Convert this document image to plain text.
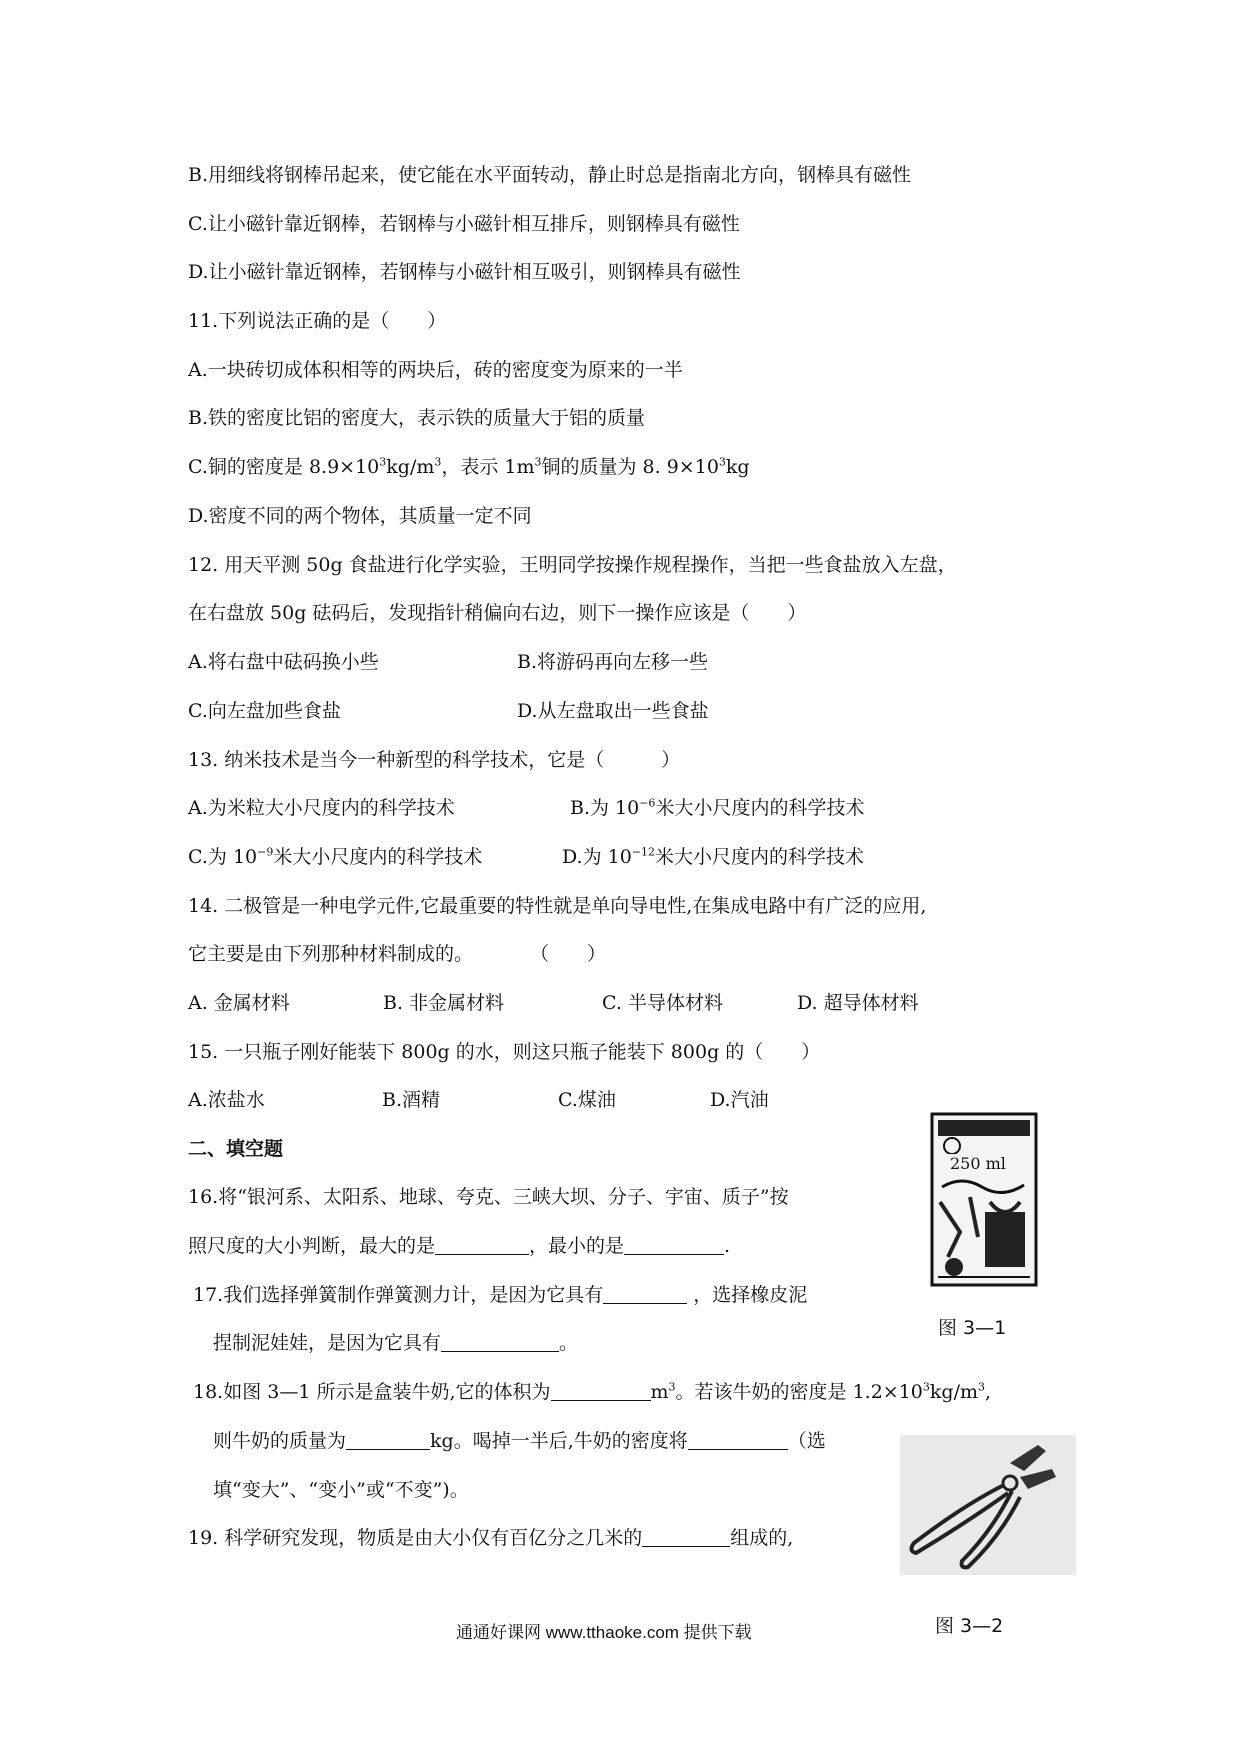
B.用细线将钢棒吊起来，使它能在水平面转动，静止时总是指南北方向，钢棒具有磁性
C.让小磁针靠近钢棒，若钢棒与小磁针相互排斥，则钢棒具有磁性
D.让小磁针靠近钢棒，若钢棒与小磁针相互吸引，则钢棒具有磁性
11.下列说法正确的是（　　）
A.一块砖切成体积相等的两块后，砖的密度变为原来的一半
B.铁的密度比铝的密度大，表示铁的质量大于铝的质量
C.铜的密度是 $8.9\times 10^3kg/m^3$，表示 $1m^3$铜的质量为 8. $9\times 10^3kg$
D.密度不同的两个物体，其质量一定不同
12. 用天平测 50g 食盐进行化学实验，王明同学按操作规程操作，当把一些食盐放入左盘，
在右盘放 50g 砝码后，发现指针稍偏向右边，则下一操作应该是（　　）
A.将右盘中砝码换小些	B.将游码再向左移一些
C.向左盘加些食盐	D.从左盘取出一些食盐
13. 纳米技术是当今一种新型的科学技术，它是（　　　）
A.为米粒大小尺度内的科学技术	B.为 $10^{-6}$米大小尺度内的科学技术
C.为 $10^{-9}$米大小尺度内的科学技术	D.为 $10^{-12}$米大小尺度内的科学技术
14. 二极管是一种电学元件,它最重要的特性就是单向导电性,在集成电路中有广泛的应用,
它主要是由下列那种材料制成的。　　　　（　　）
A. 金属材料	B. 非金属材料	C. 半导体材料	D. 超导体材料
15. 一只瓶子刚好能装下 800g 的水，则这只瓶子能装下 800g 的（　　）
A.浓盐水	B.酒精	C.煤油	D.汽油
二、填空题
16.将“银河系、太阳系、地球、夸克、三峡大坝、分子、宇宙、质子”按
照尺度的大小判断，最大的是	，最小的是	.
17.我们选择弹簧制作弹簧测力计，是因为它具有	，选择橡皮泥
捏制泥娃娃，是因为它具有	。
18.如图 3—1 所示是盒装牛奶,它的体积为	$m^3$。若该牛奶的密度是 $1.2\times 10^3kg/m^3$,
则牛奶的质量为	kg。喝掉一半后,牛奶的密度将	（选
填“变大”、“变小”或“不变”)。
19. 科学研究发现，物质是由大小仅有百亿分之几米的	组成的,
250 ml
图 3—1
图 3—2
通通好课网 www.tthaoke.com 提供下载
